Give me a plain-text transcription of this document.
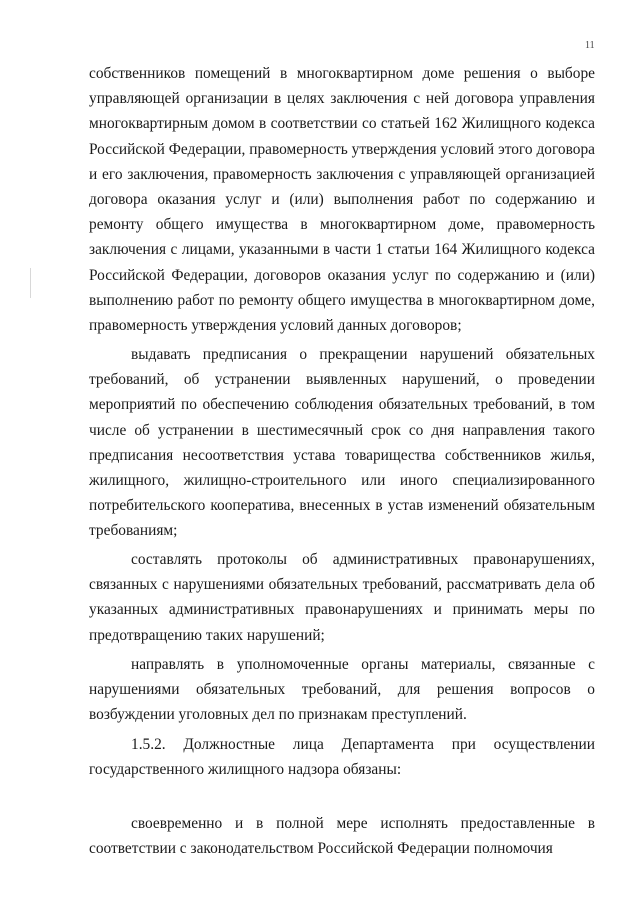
11

собственников помещений в многоквартирном доме решения о выборе управляющей организации в целях заключения с ней договора управления многоквартирным домом в соответствии со статьей 162 Жилищного кодекса Российской Федерации, правомерность утверждения условий этого договора и его заключения, правомерность заключения с управляющей организацией договора оказания услуг и (или) выполнения работ по содержанию и ремонту общего имущества в многоквартирном доме, правомерность заключения с лицами, указанными в части 1 статьи 164 Жилищного кодекса Российской Федерации, договоров оказания услуг по содержанию и (или) выполнению работ по ремонту общего имущества в многоквартирном доме, правомерность утверждения условий данных договоров;

выдавать предписания о прекращении нарушений обязательных требований, об устранении выявленных нарушений, о проведении мероприятий по обеспечению соблюдения обязательных требований, в том числе об устранении в шестимесячный срок со дня направления такого предписания несоответствия устава товарищества собственников жилья, жилищного, жилищно-строительного или иного специализированного потребительского кооператива, внесенных в устав изменений обязательным требованиям;

составлять протоколы об административных правонарушениях, связанных с нарушениями обязательных требований, рассматривать дела об указанных административных правонарушениях и принимать меры по предотвращению таких нарушений;

направлять в уполномоченные органы материалы, связанные с нарушениями обязательных требований, для решения вопросов о возбуждении уголовных дел по признакам преступлений.

1.5.2. Должностные лица Департамента при осуществлении государственного жилищного надзора обязаны:

своевременно и в полной мере исполнять предоставленные в соответствии с законодательством Российской Федерации полномочия
